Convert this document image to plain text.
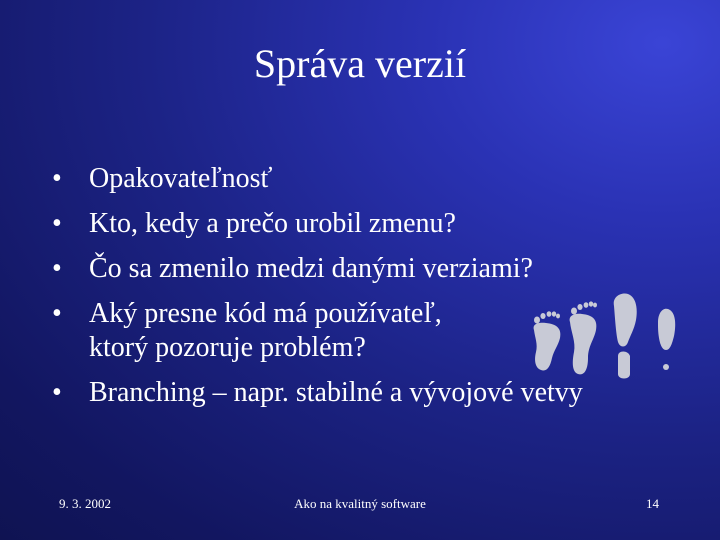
Správa verzií
• Opakovateľnosť
• Kto, kedy a prečo urobil zmenu?
• Čo sa zmenilo medzi danými verziami?
• Aký presne kód má používateľ,
ktorý pozoruje problém?
• Branching – napr. stabilné a vývojové vetvy
9. 3. 2002	Ako na kvalitný software	14
